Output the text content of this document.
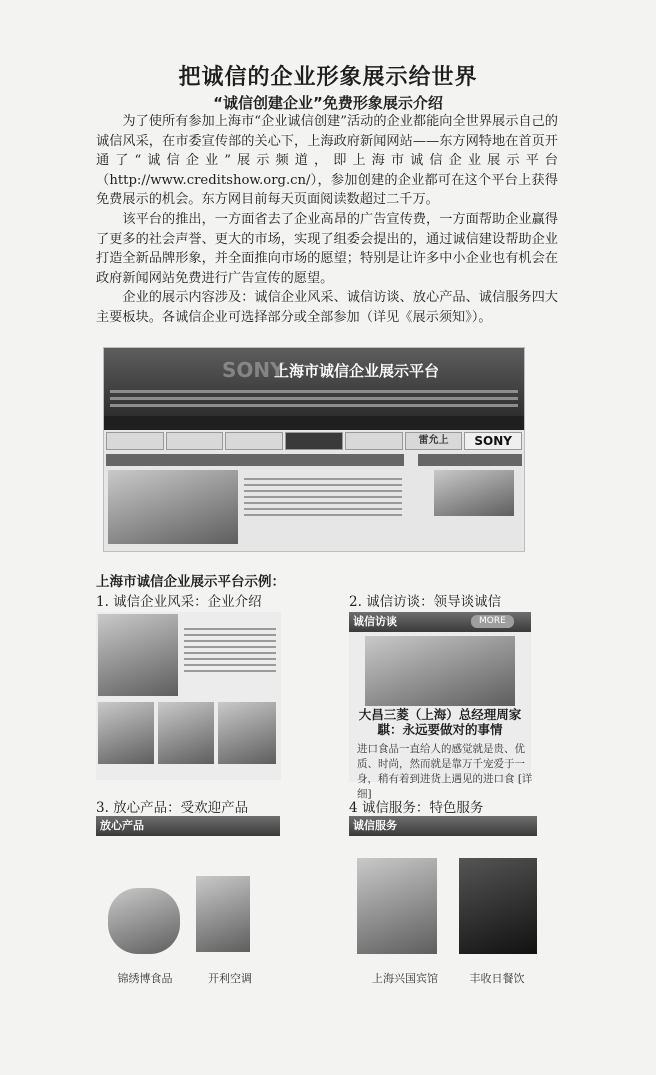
把诚信的企业形象展示给世界
“诚信创建企业”免费形象展示介绍

为了使所有参加上海市“企业诚信创建”活动的企业都能向全世界展示自己的诚信风采，在市委宣传部的关心下，上海政府新闻网站——东方网特地在首页开通了“诚信企业”展示频道，即上海市诚信企业展示平台（http://www.creditshow.org.cn/），参加创建的企业都可在这个平台上获得免费展示的机会。东方网目前每天页面阅读数超过二千万。

该平台的推出，一方面省去了企业高昂的广告宣传费，一方面帮助企业赢得了更多的社会声誉、更大的市场，实现了组委会提出的，通过诚信建设帮助企业打造全新品牌形象，并全面推向市场的愿望；特别是让许多中小企业也有机会在政府新闻网站免费进行广告宣传的愿望。

企业的展示内容涉及：诚信企业风采、诚信访谈、放心产品、诚信服务四大主要板块。各诚信企业可选择部分或全部参加（详见《展示须知》）。

SONY
上海市诚信企业展示平台
雷允上	SONY
上海市诚信企业展示平台示例：
1. 诚信企业风采：企业介绍	2. 诚信访谈：领导谈诚信
诚信访谈	MORE
大昌三菱（上海）总经理周家騏：永远要做对的事情
进口食品一直给人的感觉就是贵、优质、时尚，然而就是靠万千宠爱于一身，稍有着到进货上遇见的进口食 [详细]
3. 放心产品：受欢迎产品
放心产品
锦绣博食品	开利空调
4 诚信服务：特色服务
诚信服务
上海兴国宾馆	丰收日餐饮
